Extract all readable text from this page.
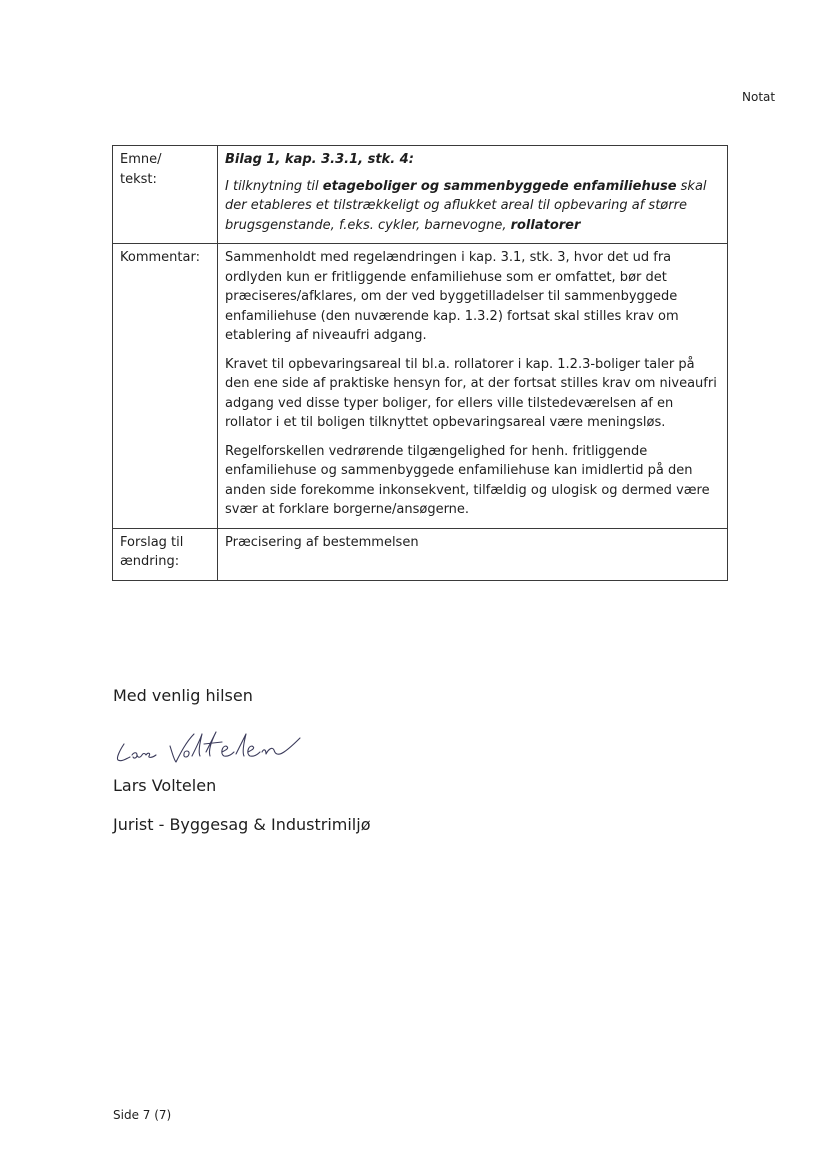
Notat
Emne/
tekst:	Bilag 1, kap. 3.3.1, stk. 4:
I tilknytning til etageboliger og sammenbyggede enfamiliehuse skal der etableres et tilstrækkeligt og aflukket areal til opbevaring af større brugsgenstande, f.eks. cykler, barnevogne, rollatorer

Kommentar:	Sammenholdt med regelændringen i kap. 3.1, stk. 3, hvor det ud fra ordlyden kun er fritliggende enfamiliehuse som er omfattet, bør det præciseres/afklares, om der ved byggetilladelser til sammenbyggede enfamiliehuse (den nuværende kap. 1.3.2) fortsat skal stilles krav om etablering af niveaufri adgang.
Kravet til opbevaringsareal til bl.a. rollatorer i kap. 1.2.3-boliger taler på den ene side af praktiske hensyn for, at der fortsat stilles krav om niveaufri adgang ved disse typer boliger, for ellers ville tilstedeværelsen af en rollator i et til boligen tilknyttet opbevaringsareal være meningsløs.
Regelforskellen vedrørende tilgængelighed for henh. fritliggende enfamiliehuse og sammenbyggede enfamiliehuse kan imidlertid på den anden side forekomme inkonsekvent, tilfældig og ulogisk og dermed være svær at forklare borgerne/ansøgerne.

Forslag til
ændring:	Præcisering af bestemmelsen
Med venlig hilsen
Lars Voltelen
Jurist - Byggesag & Industrimiljø
Side 7 (7)
